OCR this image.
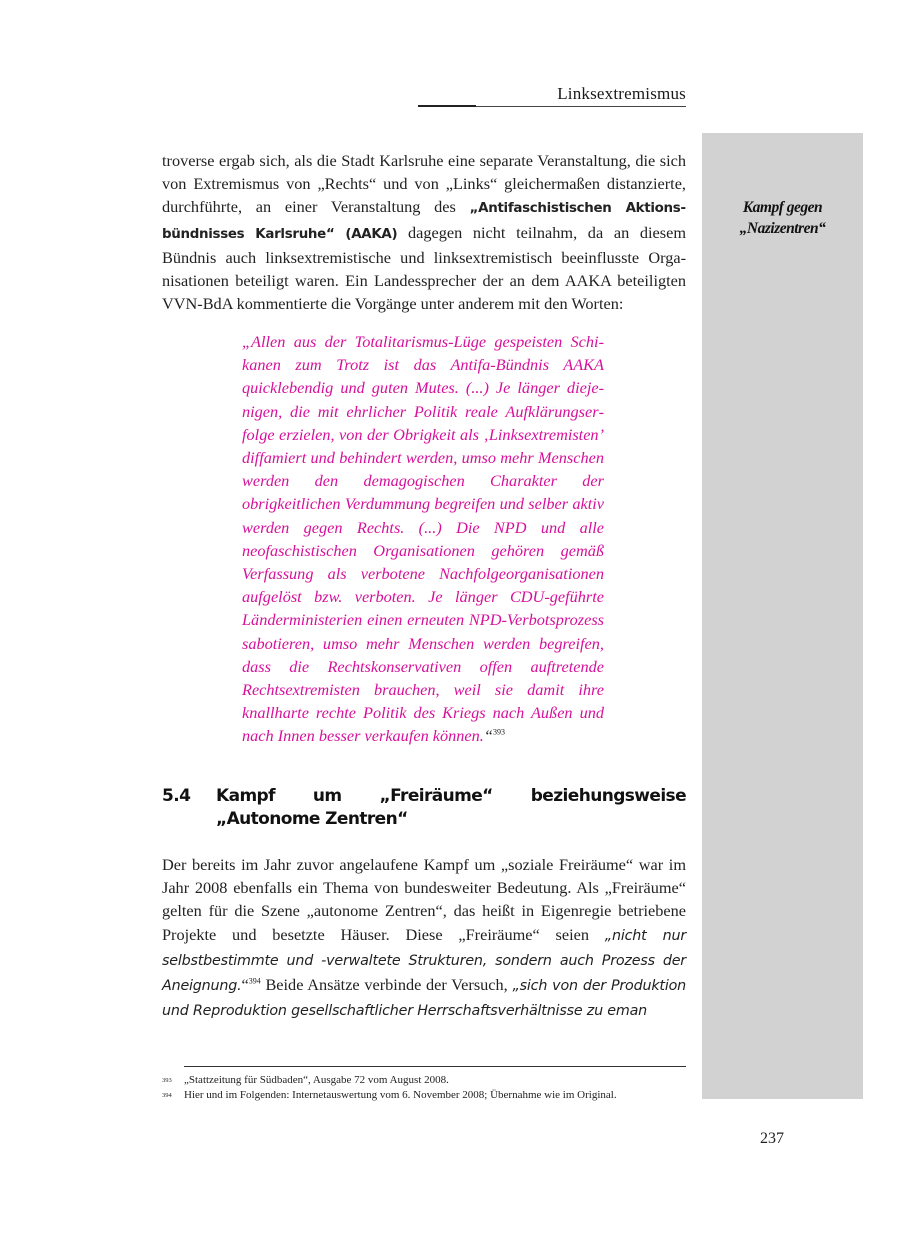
Linksextremismus
Kampf gegen „Nazizentren“

troverse ergab sich, als die Stadt Karlsruhe eine separate Veranstaltung, die sich von Extremismus von „Rechts“ und von „Links“ gleichermaßen distanzierte, durchführte, an einer Veranstaltung des „Antifaschistischen Aktionsbündnisses Karlsruhe“ (AAKA) dagegen nicht teilnahm, da an diesem Bündnis auch linksextremistische und linksextremistisch beeinflusste Organisationen beteiligt waren. Ein Landessprecher der an dem AAKA beteiligten VVN-BdA kommentierte die Vorgänge unter anderem mit den Worten:

„Allen aus der Totalitarismus-Lüge gespeisten Schikanen zum Trotz ist das Antifa-Bündnis AAKA quicklebendig und guten Mutes. (...) Je länger diejenigen, die mit ehrlicher Politik reale Aufklärungserfolge erzielen, von der Obrigkeit als ‚Linksextremisten’ diffamiert und behindert werden, umso mehr Menschen werden den demagogischen Charakter der obrigkeitlichen Verdummung begreifen und selber aktiv werden gegen Rechts. (...) Die NPD und alle neofaschistischen Organisationen gehören gemäß Verfassung als verbotene Nachfolgeorganisationen aufgelöst bzw. verboten. Je länger CDU-geführte Länderministerien einen erneuten NPD-Verbotsprozess sabotieren, umso mehr Menschen werden begreifen, dass die Rechtskonservativen offen auftretende Rechtsextremisten brauchen, weil sie damit ihre knallharte rechte Politik des Kriegs nach Außen und nach Innen besser verkaufen können.“$^{393}$

5.4 Kampf um „Freiräume“ beziehungsweise „Autonome Zentren“

Der bereits im Jahr zuvor angelaufene Kampf um „soziale Freiräume“ war im Jahr 2008 ebenfalls ein Thema von bundesweiter Bedeutung. Als „Freiräume“ gelten für die Szene „autonome Zentren“, das heißt in Eigenregie betriebene Projekte und besetzte Häuser. Diese „Freiräume“ seien „nicht nur selbstbestimmte und -verwaltete Strukturen, sondern auch Prozess der Aneignung.“$^{394}$ Beide Ansätze verbinde der Versuch, „sich von der Produktion und Reproduktion gesellschaftlicher Herrschaftsverhältnisse zu eman

393 „Stattzeitung für Südbaden“, Ausgabe 72 vom August 2008.
394 Hier und im Folgenden: Internetauswertung vom 6. November 2008; Übernahme wie im Original.
237
